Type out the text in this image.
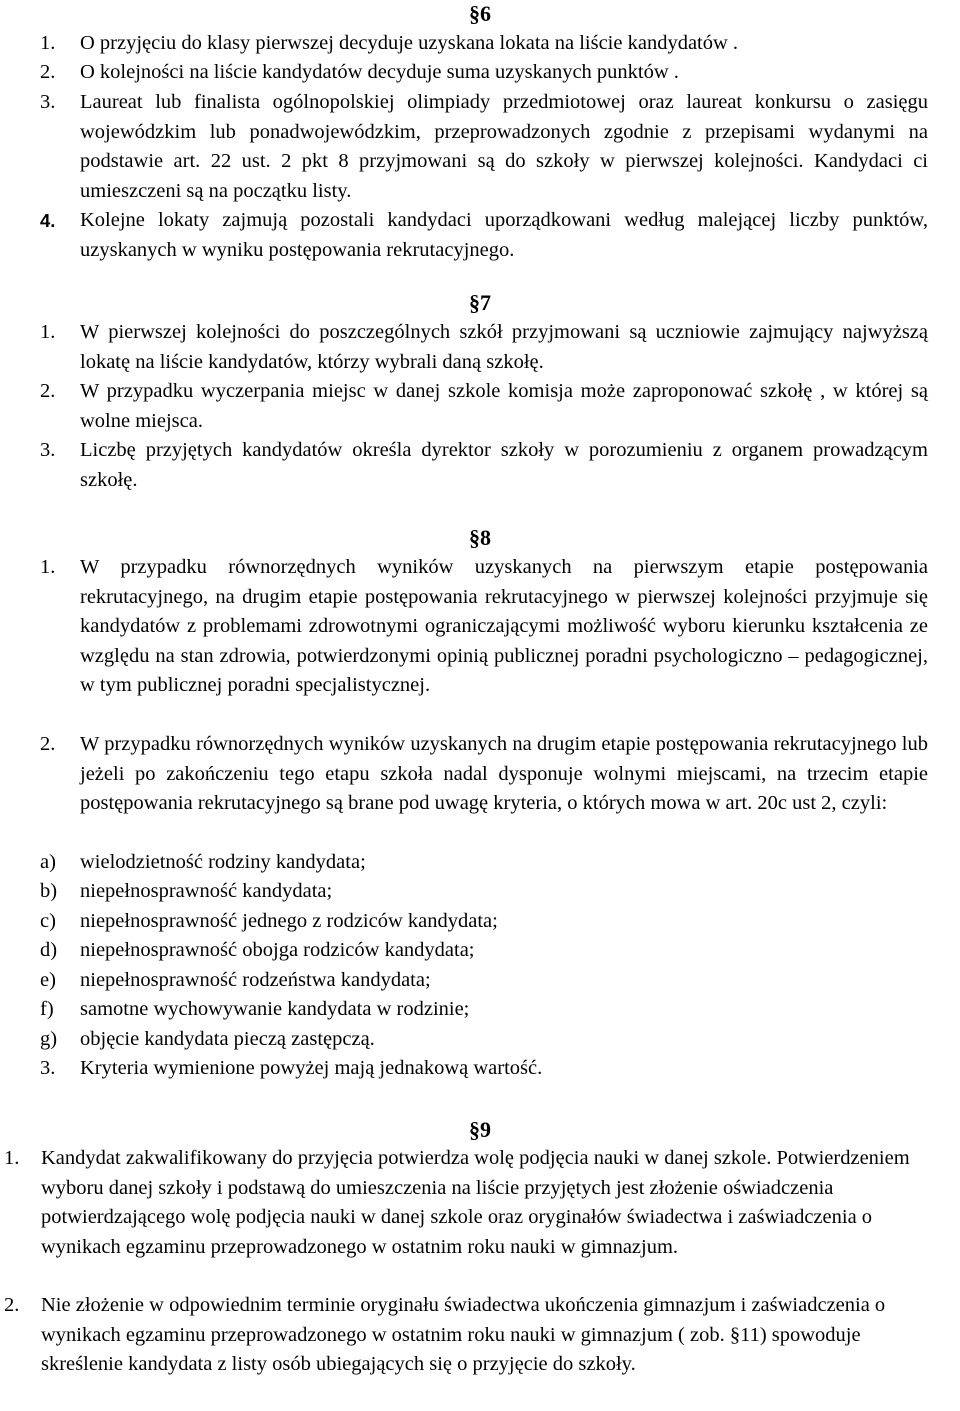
§6
1. O przyjęciu do klasy pierwszej decyduje uzyskana lokata na liście kandydatów .
2. O kolejności na liście kandydatów decyduje suma uzyskanych punktów .
3. Laureat lub finalista ogólnopolskiej olimpiady przedmiotowej oraz laureat konkursu o zasięgu wojewódzkim lub ponadwojewódzkim, przeprowadzonych zgodnie z przepisami wydanymi na podstawie art. 22 ust. 2 pkt 8 przyjmowani są do szkoły w pierwszej kolejności. Kandydaci ci umieszczeni są na początku listy.
4. Kolejne lokaty zajmują pozostali kandydaci uporządkowani według malejącej liczby punktów, uzyskanych w wyniku postępowania rekrutacyjnego.
§7
1. W pierwszej kolejności do poszczególnych szkół przyjmowani są uczniowie zajmujący najwyższą lokatę na liście kandydatów, którzy wybrali daną szkołę.
2. W przypadku wyczerpania miejsc w danej szkole komisja może zaproponować szkołę , w której są wolne miejsca.
3. Liczbę przyjętych kandydatów określa dyrektor szkoły w porozumieniu z organem prowadzącym szkołę.
§8
1. W przypadku równorzędnych wyników uzyskanych na pierwszym etapie postępowania rekrutacyjnego, na drugim etapie postępowania rekrutacyjnego w pierwszej kolejności przyjmuje się kandydatów z problemami zdrowotnymi ograniczającymi możliwość wyboru kierunku kształcenia ze względu na stan zdrowia, potwierdzonymi opinią publicznej poradni psychologiczno – pedagogicznej, w tym publicznej poradni specjalistycznej.
2. W przypadku równorzędnych wyników uzyskanych na drugim etapie postępowania rekrutacyjnego lub jeżeli po zakończeniu tego etapu szkoła nadal dysponuje wolnymi miejscami, na trzecim etapie postępowania rekrutacyjnego są brane pod uwagę kryteria, o których mowa w art. 20c ust 2, czyli:
a) wielodzietność rodziny kandydata;
b) niepełnosprawność kandydata;
c) niepełnosprawność jednego z rodziców kandydata;
d) niepełnosprawność obojga rodziców kandydata;
e) niepełnosprawność rodzeństwa kandydata;
f) samotne wychowywanie kandydata w rodzinie;
g) objęcie kandydata pieczą zastępczą.
3. Kryteria wymienione powyżej mają jednakową wartość.
§9
1. Kandydat zakwalifikowany do przyjęcia potwierdza wolę podjęcia nauki w danej szkole. Potwierdzeniem wyboru danej szkoły i podstawą do umieszczenia na liście przyjętych jest złożenie oświadczenia potwierdzającego wolę podjęcia nauki w danej szkole oraz oryginałów świadectwa i zaświadczenia o wynikach egzaminu przeprowadzonego w ostatnim roku nauki w gimnazjum.
2. Nie złożenie w odpowiednim terminie oryginału świadectwa ukończenia gimnazjum i zaświadczenia o wynikach egzaminu przeprowadzonego w ostatnim roku nauki w gimnazjum ( zob. §11) spowoduje skreślenie kandydata z listy osób ubiegających się o przyjęcie do szkoły.
